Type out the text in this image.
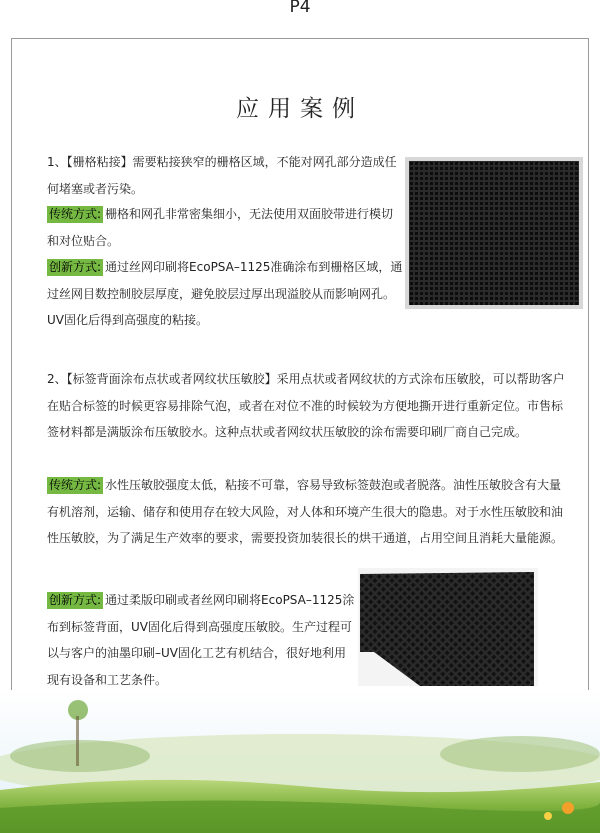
P4
应用案例

1、【栅格粘接】需要粘接狭窄的栅格区域，不能对网孔部分造成任何堵塞或者污染。

传统方式: 栅格和网孔非常密集细小，无法使用双面胶带进行模切和对位贴合。

创新方式: 通过丝网印刷将EcoPSA–1125准确涂布到栅格区域，通过丝网目数控制胶层厚度，避免胶层过厚出现溢胶从而影响网孔。UV固化后得到高强度的粘接。

2、【标签背面涂布点状或者网纹状压敏胶】采用点状或者网纹状的方式涂布压敏胶，可以帮助客户在贴合标签的时候更容易排除气泡，或者在对位不准的时候较为方便地撕开进行重新定位。市售标签材料都是满版涂布压敏胶水。这种点状或者网纹状压敏胶的涂布需要印刷厂商自己完成。

传统方式: 水性压敏胶强度太低，粘接不可靠，容易导致标签鼓泡或者脱落。油性压敏胶含有大量有机溶剂，运输、储存和使用存在较大风险，对人体和环境产生很大的隐患。对于水性压敏胶和油性压敏胶，为了满足生产效率的要求，需要投资加装很长的烘干通道，占用空间且消耗大量能源。

创新方式: 通过柔版印刷或者丝网印刷将EcoPSA–1125涂布到标签背面，UV固化后得到高强度压敏胶。生产过程可以与客户的油墨印刷–UV固化工艺有机结合，很好地利用现有设备和工艺条件。
